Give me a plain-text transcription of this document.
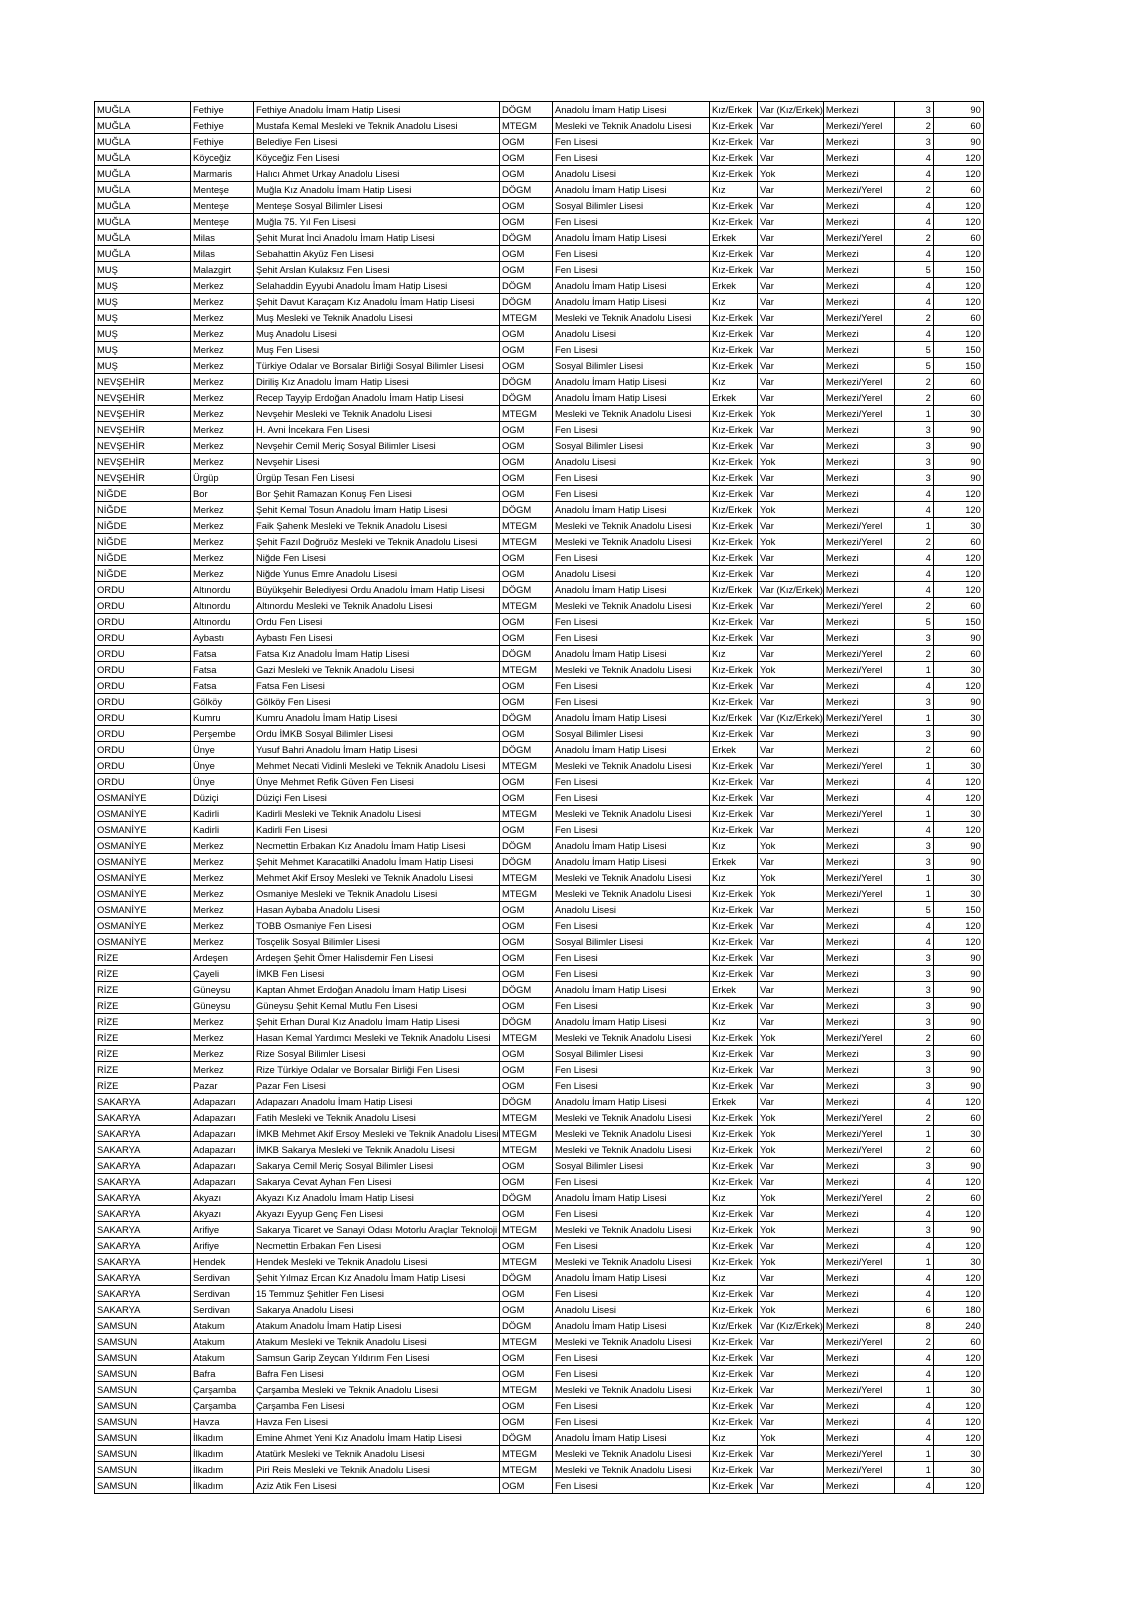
MUĞLA	Fethiye	Fethiye Anadolu İmam Hatip Lisesi	DÖGM	Anadolu İmam Hatip Lisesi	Kız/Erkek	Var (Kız/Erkek)	Merkezi	3	90
MUĞLA	Fethiye	Mustafa Kemal Mesleki ve Teknik Anadolu Lisesi	MTEGM	Mesleki ve Teknik Anadolu Lisesi	Kız-Erkek	Var	Merkezi/Yerel	2	60
MUĞLA	Fethiye	Belediye Fen Lisesi	OGM	Fen Lisesi	Kız-Erkek	Var	Merkezi	3	90
MUĞLA	Köyceğiz	Köyceğiz Fen Lisesi	OGM	Fen Lisesi	Kız-Erkek	Var	Merkezi	4	120
MUĞLA	Marmaris	Halıcı Ahmet Urkay Anadolu Lisesi	OGM	Anadolu Lisesi	Kız-Erkek	Yok	Merkezi	4	120
MUĞLA	Menteşe	Muğla Kız Anadolu İmam Hatip Lisesi	DÖGM	Anadolu İmam Hatip Lisesi	Kız	Var	Merkezi/Yerel	2	60
MUĞLA	Menteşe	Menteşe Sosyal Bilimler Lisesi	OGM	Sosyal Bilimler Lisesi	Kız-Erkek	Var	Merkezi	4	120
MUĞLA	Menteşe	Muğla 75. Yıl Fen Lisesi	OGM	Fen Lisesi	Kız-Erkek	Var	Merkezi	4	120
MUĞLA	Milas	Şehit Murat İnci Anadolu İmam Hatip Lisesi	DÖGM	Anadolu İmam Hatip Lisesi	Erkek	Var	Merkezi/Yerel	2	60
MUĞLA	Milas	Sebahattin Akyüz Fen Lisesi	OGM	Fen Lisesi	Kız-Erkek	Var	Merkezi	4	120
MUŞ	Malazgirt	Şehit Arslan Kulaksız Fen Lisesi	OGM	Fen Lisesi	Kız-Erkek	Var	Merkezi	5	150
MUŞ	Merkez	Selahaddin Eyyubi Anadolu İmam Hatip Lisesi	DÖGM	Anadolu İmam Hatip Lisesi	Erkek	Var	Merkezi	4	120
MUŞ	Merkez	Şehit Davut Karaçam Kız Anadolu İmam Hatip Lisesi	DÖGM	Anadolu İmam Hatip Lisesi	Kız	Var	Merkezi	4	120
MUŞ	Merkez	Muş Mesleki ve Teknik Anadolu Lisesi	MTEGM	Mesleki ve Teknik Anadolu Lisesi	Kız-Erkek	Var	Merkezi/Yerel	2	60
MUŞ	Merkez	Muş Anadolu Lisesi	OGM	Anadolu Lisesi	Kız-Erkek	Var	Merkezi	4	120
MUŞ	Merkez	Muş Fen Lisesi	OGM	Fen Lisesi	Kız-Erkek	Var	Merkezi	5	150
MUŞ	Merkez	Türkiye Odalar ve Borsalar Birliği Sosyal Bilimler Lisesi	OGM	Sosyal Bilimler Lisesi	Kız-Erkek	Var	Merkezi	5	150
NEVŞEHİR	Merkez	Diriliş Kız Anadolu İmam Hatip Lisesi	DÖGM	Anadolu İmam Hatip Lisesi	Kız	Var	Merkezi/Yerel	2	60
NEVŞEHİR	Merkez	Recep Tayyip Erdoğan Anadolu İmam Hatip Lisesi	DÖGM	Anadolu İmam Hatip Lisesi	Erkek	Var	Merkezi/Yerel	2	60
NEVŞEHİR	Merkez	Nevşehir Mesleki ve Teknik Anadolu Lisesi	MTEGM	Mesleki ve Teknik Anadolu Lisesi	Kız-Erkek	Yok	Merkezi/Yerel	1	30
NEVŞEHİR	Merkez	H. Avni İncekara Fen Lisesi	OGM	Fen Lisesi	Kız-Erkek	Var	Merkezi	3	90
NEVŞEHİR	Merkez	Nevşehir Cemil Meriç Sosyal Bilimler Lisesi	OGM	Sosyal Bilimler Lisesi	Kız-Erkek	Var	Merkezi	3	90
NEVŞEHİR	Merkez	Nevşehir Lisesi	OGM	Anadolu Lisesi	Kız-Erkek	Yok	Merkezi	3	90
NEVŞEHİR	Ürgüp	Ürgüp Tesan Fen Lisesi	OGM	Fen Lisesi	Kız-Erkek	Var	Merkezi	3	90
NİĞDE	Bor	Bor Şehit Ramazan Konuş Fen Lisesi	OGM	Fen Lisesi	Kız-Erkek	Var	Merkezi	4	120
NİĞDE	Merkez	Şehit Kemal Tosun Anadolu İmam Hatip Lisesi	DÖGM	Anadolu İmam Hatip Lisesi	Kız/Erkek	Yok	Merkezi	4	120
NİĞDE	Merkez	Faik Şahenk Mesleki ve Teknik Anadolu Lisesi	MTEGM	Mesleki ve Teknik Anadolu Lisesi	Kız-Erkek	Var	Merkezi/Yerel	1	30
NİĞDE	Merkez	Şehit Fazıl Doğruöz Mesleki ve Teknik Anadolu Lisesi	MTEGM	Mesleki ve Teknik Anadolu Lisesi	Kız-Erkek	Yok	Merkezi/Yerel	2	60
NİĞDE	Merkez	Niğde Fen Lisesi	OGM	Fen Lisesi	Kız-Erkek	Var	Merkezi	4	120
NİĞDE	Merkez	Niğde Yunus Emre Anadolu Lisesi	OGM	Anadolu Lisesi	Kız-Erkek	Var	Merkezi	4	120
ORDU	Altınordu	Büyükşehir Belediyesi Ordu Anadolu İmam Hatip Lisesi	DÖGM	Anadolu İmam Hatip Lisesi	Kız/Erkek	Var (Kız/Erkek)	Merkezi	4	120
ORDU	Altınordu	Altınordu Mesleki ve Teknik Anadolu Lisesi	MTEGM	Mesleki ve Teknik Anadolu Lisesi	Kız-Erkek	Var	Merkezi/Yerel	2	60
ORDU	Altınordu	Ordu Fen Lisesi	OGM	Fen Lisesi	Kız-Erkek	Var	Merkezi	5	150
ORDU	Aybastı	Aybastı Fen Lisesi	OGM	Fen Lisesi	Kız-Erkek	Var	Merkezi	3	90
ORDU	Fatsa	Fatsa Kız Anadolu İmam Hatip Lisesi	DÖGM	Anadolu İmam Hatip Lisesi	Kız	Var	Merkezi/Yerel	2	60
ORDU	Fatsa	Gazi Mesleki ve Teknik Anadolu Lisesi	MTEGM	Mesleki ve Teknik Anadolu Lisesi	Kız-Erkek	Yok	Merkezi/Yerel	1	30
ORDU	Fatsa	Fatsa Fen Lisesi	OGM	Fen Lisesi	Kız-Erkek	Var	Merkezi	4	120
ORDU	Gölköy	Gölköy Fen Lisesi	OGM	Fen Lisesi	Kız-Erkek	Var	Merkezi	3	90
ORDU	Kumru	Kumru Anadolu İmam Hatip Lisesi	DÖGM	Anadolu İmam Hatip Lisesi	Kız/Erkek	Var (Kız/Erkek)	Merkezi/Yerel	1	30
ORDU	Perşembe	Ordu İMKB Sosyal Bilimler Lisesi	OGM	Sosyal Bilimler Lisesi	Kız-Erkek	Var	Merkezi	3	90
ORDU	Ünye	Yusuf Bahri Anadolu İmam Hatip Lisesi	DÖGM	Anadolu İmam Hatip Lisesi	Erkek	Var	Merkezi	2	60
ORDU	Ünye	Mehmet Necati Vidinli Mesleki ve Teknik Anadolu Lisesi	MTEGM	Mesleki ve Teknik Anadolu Lisesi	Kız-Erkek	Var	Merkezi/Yerel	1	30
ORDU	Ünye	Ünye Mehmet Refik Güven Fen Lisesi	OGM	Fen Lisesi	Kız-Erkek	Var	Merkezi	4	120
OSMANİYE	Düziçi	Düziçi Fen Lisesi	OGM	Fen Lisesi	Kız-Erkek	Var	Merkezi	4	120
OSMANİYE	Kadirli	Kadirli Mesleki ve Teknik Anadolu Lisesi	MTEGM	Mesleki ve Teknik Anadolu Lisesi	Kız-Erkek	Var	Merkezi/Yerel	1	30
OSMANİYE	Kadirli	Kadirli Fen Lisesi	OGM	Fen Lisesi	Kız-Erkek	Var	Merkezi	4	120
OSMANİYE	Merkez	Necmettin Erbakan Kız Anadolu İmam Hatip Lisesi	DÖGM	Anadolu İmam Hatip Lisesi	Kız	Yok	Merkezi	3	90
OSMANİYE	Merkez	Şehit Mehmet Karacatilki Anadolu İmam Hatip Lisesi	DÖGM	Anadolu İmam Hatip Lisesi	Erkek	Var	Merkezi	3	90
OSMANİYE	Merkez	Mehmet Akif Ersoy Mesleki ve Teknik Anadolu Lisesi	MTEGM	Mesleki ve Teknik Anadolu Lisesi	Kız	Yok	Merkezi/Yerel	1	30
OSMANİYE	Merkez	Osmaniye Mesleki ve Teknik Anadolu Lisesi	MTEGM	Mesleki ve Teknik Anadolu Lisesi	Kız-Erkek	Yok	Merkezi/Yerel	1	30
OSMANİYE	Merkez	Hasan Aybaba Anadolu Lisesi	OGM	Anadolu Lisesi	Kız-Erkek	Var	Merkezi	5	150
OSMANİYE	Merkez	TOBB Osmaniye Fen Lisesi	OGM	Fen Lisesi	Kız-Erkek	Var	Merkezi	4	120
OSMANİYE	Merkez	Tosçelik Sosyal Bilimler Lisesi	OGM	Sosyal Bilimler Lisesi	Kız-Erkek	Var	Merkezi	4	120
RİZE	Ardeşen	Ardeşen Şehit Ömer Halisdemir Fen Lisesi	OGM	Fen Lisesi	Kız-Erkek	Var	Merkezi	3	90
RİZE	Çayeli	İMKB Fen Lisesi	OGM	Fen Lisesi	Kız-Erkek	Var	Merkezi	3	90
RİZE	Güneysu	Kaptan Ahmet Erdoğan Anadolu İmam Hatip Lisesi	DÖGM	Anadolu İmam Hatip Lisesi	Erkek	Var	Merkezi	3	90
RİZE	Güneysu	Güneysu Şehit Kemal Mutlu Fen Lisesi	OGM	Fen Lisesi	Kız-Erkek	Var	Merkezi	3	90
RİZE	Merkez	Şehit Erhan Dural Kız Anadolu İmam Hatip Lisesi	DÖGM	Anadolu İmam Hatip Lisesi	Kız	Var	Merkezi	3	90
RİZE	Merkez	Hasan Kemal Yardımcı Mesleki ve Teknik Anadolu Lisesi	MTEGM	Mesleki ve Teknik Anadolu Lisesi	Kız-Erkek	Yok	Merkezi/Yerel	2	60
RİZE	Merkez	Rize Sosyal Bilimler Lisesi	OGM	Sosyal Bilimler Lisesi	Kız-Erkek	Var	Merkezi	3	90
RİZE	Merkez	Rize Türkiye Odalar ve Borsalar Birliği Fen Lisesi	OGM	Fen Lisesi	Kız-Erkek	Var	Merkezi	3	90
RİZE	Pazar	Pazar Fen Lisesi	OGM	Fen Lisesi	Kız-Erkek	Var	Merkezi	3	90
SAKARYA	Adapazarı	Adapazarı Anadolu İmam Hatip Lisesi	DÖGM	Anadolu İmam Hatip Lisesi	Erkek	Var	Merkezi	4	120
SAKARYA	Adapazarı	Fatih Mesleki ve Teknik Anadolu Lisesi	MTEGM	Mesleki ve Teknik Anadolu Lisesi	Kız-Erkek	Yok	Merkezi/Yerel	2	60
SAKARYA	Adapazarı	İMKB Mehmet Akif Ersoy Mesleki ve Teknik Anadolu Lisesi	MTEGM	Mesleki ve Teknik Anadolu Lisesi	Kız-Erkek	Yok	Merkezi/Yerel	1	30
SAKARYA	Adapazarı	İMKB Sakarya Mesleki ve Teknik Anadolu Lisesi	MTEGM	Mesleki ve Teknik Anadolu Lisesi	Kız-Erkek	Yok	Merkezi/Yerel	2	60
SAKARYA	Adapazarı	Sakarya Cemil Meriç Sosyal Bilimler Lisesi	OGM	Sosyal Bilimler Lisesi	Kız-Erkek	Var	Merkezi	3	90
SAKARYA	Adapazarı	Sakarya Cevat Ayhan Fen Lisesi	OGM	Fen Lisesi	Kız-Erkek	Var	Merkezi	4	120
SAKARYA	Akyazı	Akyazı Kız Anadolu İmam Hatip Lisesi	DÖGM	Anadolu İmam Hatip Lisesi	Kız	Yok	Merkezi/Yerel	2	60
SAKARYA	Akyazı	Akyazı Eyyup Genç Fen Lisesi	OGM	Fen Lisesi	Kız-Erkek	Var	Merkezi	4	120
SAKARYA	Arifiye	Sakarya Ticaret ve Sanayi Odası Motorlu Araçlar Teknoloji	MTEGM	Mesleki ve Teknik Anadolu Lisesi	Kız-Erkek	Yok	Merkezi	3	90
SAKARYA	Arifiye	Necmettin Erbakan Fen Lisesi	OGM	Fen Lisesi	Kız-Erkek	Var	Merkezi	4	120
SAKARYA	Hendek	Hendek Mesleki ve Teknik Anadolu Lisesi	MTEGM	Mesleki ve Teknik Anadolu Lisesi	Kız-Erkek	Yok	Merkezi/Yerel	1	30
SAKARYA	Serdivan	Şehit Yılmaz Ercan Kız Anadolu İmam Hatip Lisesi	DÖGM	Anadolu İmam Hatip Lisesi	Kız	Var	Merkezi	4	120
SAKARYA	Serdivan	15 Temmuz Şehitler Fen Lisesi	OGM	Fen Lisesi	Kız-Erkek	Var	Merkezi	4	120
SAKARYA	Serdivan	Sakarya Anadolu Lisesi	OGM	Anadolu Lisesi	Kız-Erkek	Yok	Merkezi	6	180
SAMSUN	Atakum	Atakum Anadolu İmam Hatip Lisesi	DÖGM	Anadolu İmam Hatip Lisesi	Kız/Erkek	Var (Kız/Erkek)	Merkezi	8	240
SAMSUN	Atakum	Atakum Mesleki ve Teknik Anadolu Lisesi	MTEGM	Mesleki ve Teknik Anadolu Lisesi	Kız-Erkek	Var	Merkezi/Yerel	2	60
SAMSUN	Atakum	Samsun Garip Zeycan Yıldırım Fen Lisesi	OGM	Fen Lisesi	Kız-Erkek	Var	Merkezi	4	120
SAMSUN	Bafra	Bafra Fen Lisesi	OGM	Fen Lisesi	Kız-Erkek	Var	Merkezi	4	120
SAMSUN	Çarşamba	Çarşamba Mesleki ve Teknik Anadolu Lisesi	MTEGM	Mesleki ve Teknik Anadolu Lisesi	Kız-Erkek	Var	Merkezi/Yerel	1	30
SAMSUN	Çarşamba	Çarşamba Fen Lisesi	OGM	Fen Lisesi	Kız-Erkek	Var	Merkezi	4	120
SAMSUN	Havza	Havza Fen Lisesi	OGM	Fen Lisesi	Kız-Erkek	Var	Merkezi	4	120
SAMSUN	İlkadım	Emine Ahmet Yeni Kız Anadolu İmam Hatip Lisesi	DÖGM	Anadolu İmam Hatip Lisesi	Kız	Yok	Merkezi	4	120
SAMSUN	İlkadım	Atatürk Mesleki ve Teknik Anadolu Lisesi	MTEGM	Mesleki ve Teknik Anadolu Lisesi	Kız-Erkek	Var	Merkezi/Yerel	1	30
SAMSUN	İlkadım	Piri Reis Mesleki ve Teknik Anadolu Lisesi	MTEGM	Mesleki ve Teknik Anadolu Lisesi	Kız-Erkek	Var	Merkezi/Yerel	1	30
SAMSUN	İlkadım	Aziz Atik Fen Lisesi	OGM	Fen Lisesi	Kız-Erkek	Var	Merkezi	4	120
